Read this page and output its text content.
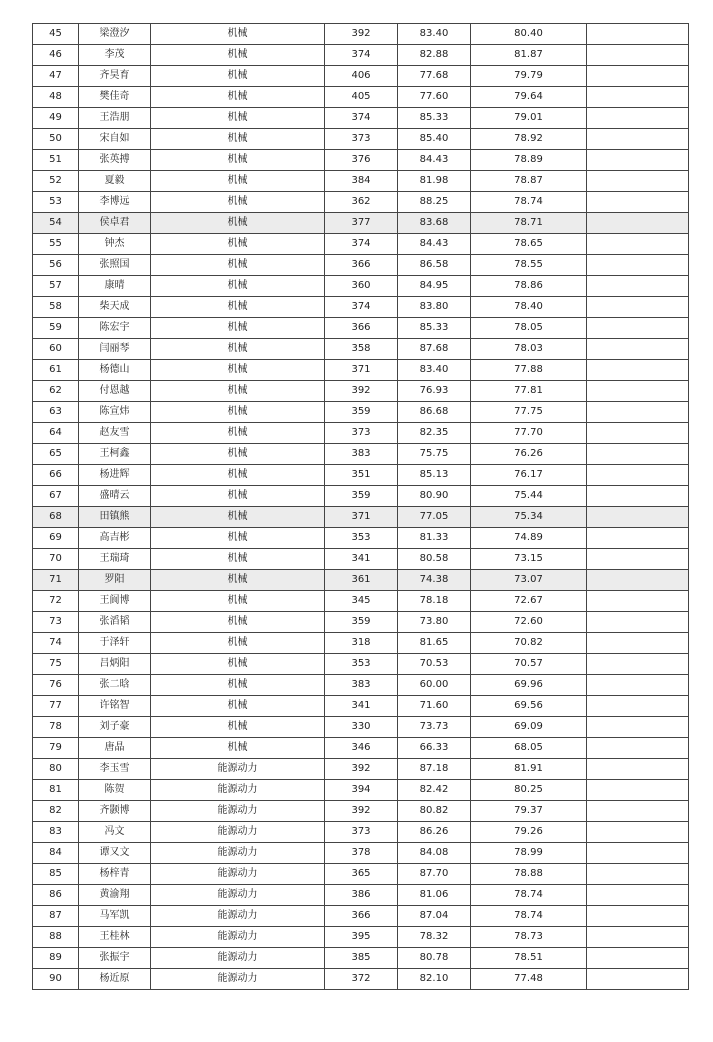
45	梁澄汐	机械	392	83.40	80.40	
46	李茂	机械	374	82.88	81.87	
47	齐昊育	机械	406	77.68	79.79	
48	樊佳奇	机械	405	77.60	79.64	
49	王浩朋	机械	374	85.33	79.01	
50	宋自如	机械	373	85.40	78.92	
51	张英搏	机械	376	84.43	78.89	
52	夏毅	机械	384	81.98	78.87	
53	李博远	机械	362	88.25	78.74	
54	侯卓君	机械	377	83.68	78.71	
55	钟杰	机械	374	84.43	78.65	
56	张照国	机械	366	86.58	78.55	
57	康晴	机械	360	84.95	78.86	
58	柴天成	机械	374	83.80	78.40	
59	陈宏宇	机械	366	85.33	78.05	
60	闫丽琴	机械	358	87.68	78.03	
61	杨德山	机械	371	83.40	77.88	
62	付恩越	机械	392	76.93	77.81	
63	陈宣炜	机械	359	86.68	77.75	
64	赵友雪	机械	373	82.35	77.70	
65	王柯鑫	机械	383	75.75	76.26	
66	杨进辉	机械	351	85.13	76.17	
67	盛晴云	机械	359	80.90	75.44	
68	田镇熊	机械	371	77.05	75.34	
69	高吉彬	机械	353	81.33	74.89	
70	王瑞琦	机械	341	80.58	73.15	
71	罗阳	机械	361	74.38	73.07	
72	王阆博	机械	345	78.18	72.67	
73	张滔韬	机械	359	73.80	72.60	
74	于泽轩	机械	318	81.65	70.82	
75	吕炳阳	机械	353	70.53	70.57	
76	张二晗	机械	383	60.00	69.96	
77	许铭智	机械	341	71.60	69.56	
78	刘子豪	机械	330	73.73	69.09	
79	唐晶	机械	346	66.33	68.05	
80	李玉雪	能源动力	392	87.18	81.91	
81	陈贺	能源动力	394	82.42	80.25	
82	齐颢博	能源动力	392	80.82	79.37	
83	冯文	能源动力	373	86.26	79.26	
84	谭又文	能源动力	378	84.08	78.99	
85	杨梓青	能源动力	365	87.70	78.88	
86	黄渝翔	能源动力	386	81.06	78.74	
87	马军凯	能源动力	366	87.04	78.74	
88	王桂林	能源动力	395	78.32	78.73	
89	张振宇	能源动力	385	80.78	78.51	
90	杨近原	能源动力	372	82.10	77.48	
